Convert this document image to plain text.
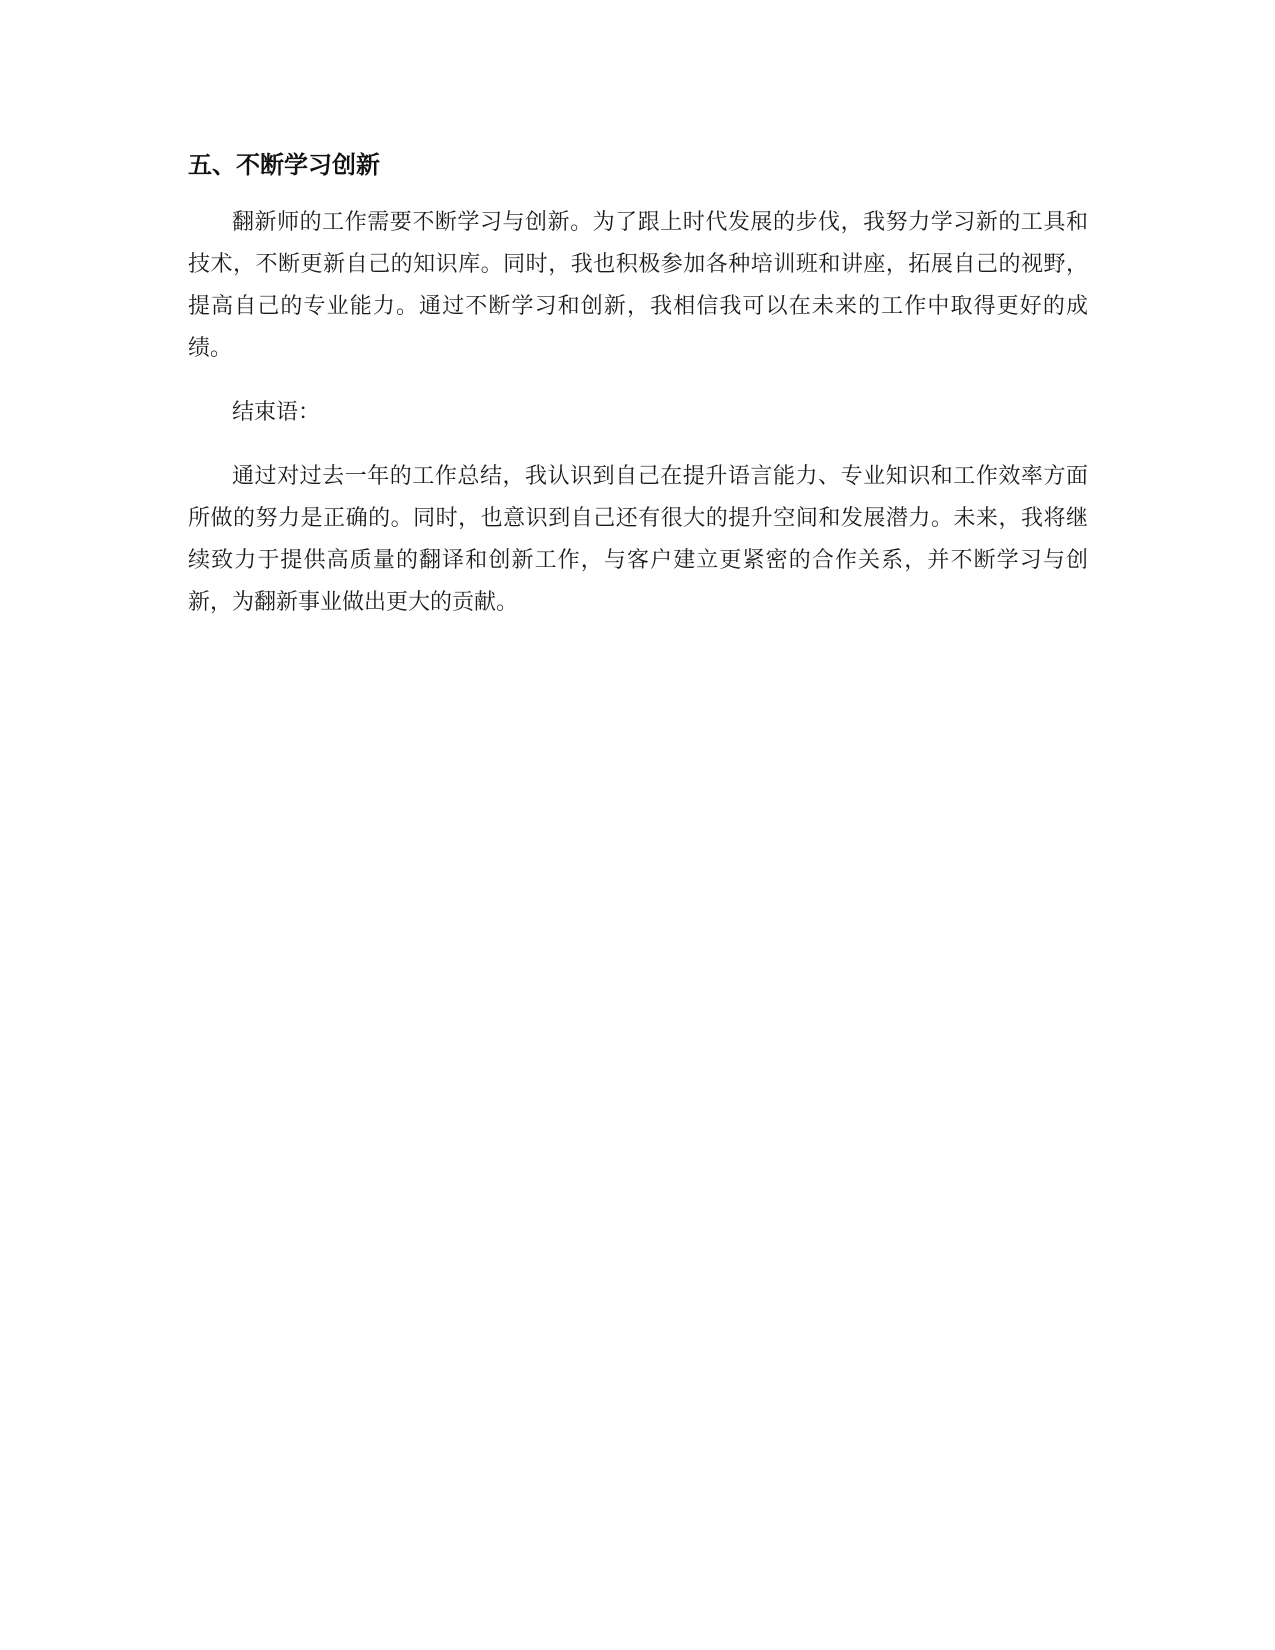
五、不断学习创新

翻新师的工作需要不断学习与创新。为了跟上时代发展的步伐，我努力学习新的工具和技术，不断更新自己的知识库。同时，我也积极参加各种培训班和讲座，拓展自己的视野，提高自己的专业能力。通过不断学习和创新，我相信我可以在未来的工作中取得更好的成绩。

结束语：

通过对过去一年的工作总结，我认识到自己在提升语言能力、专业知识和工作效率方面所做的努力是正确的。同时，也意识到自己还有很大的提升空间和发展潜力。未来，我将继续致力于提供高质量的翻译和创新工作，与客户建立更紧密的合作关系，并不断学习与创新，为翻新事业做出更大的贡献。
